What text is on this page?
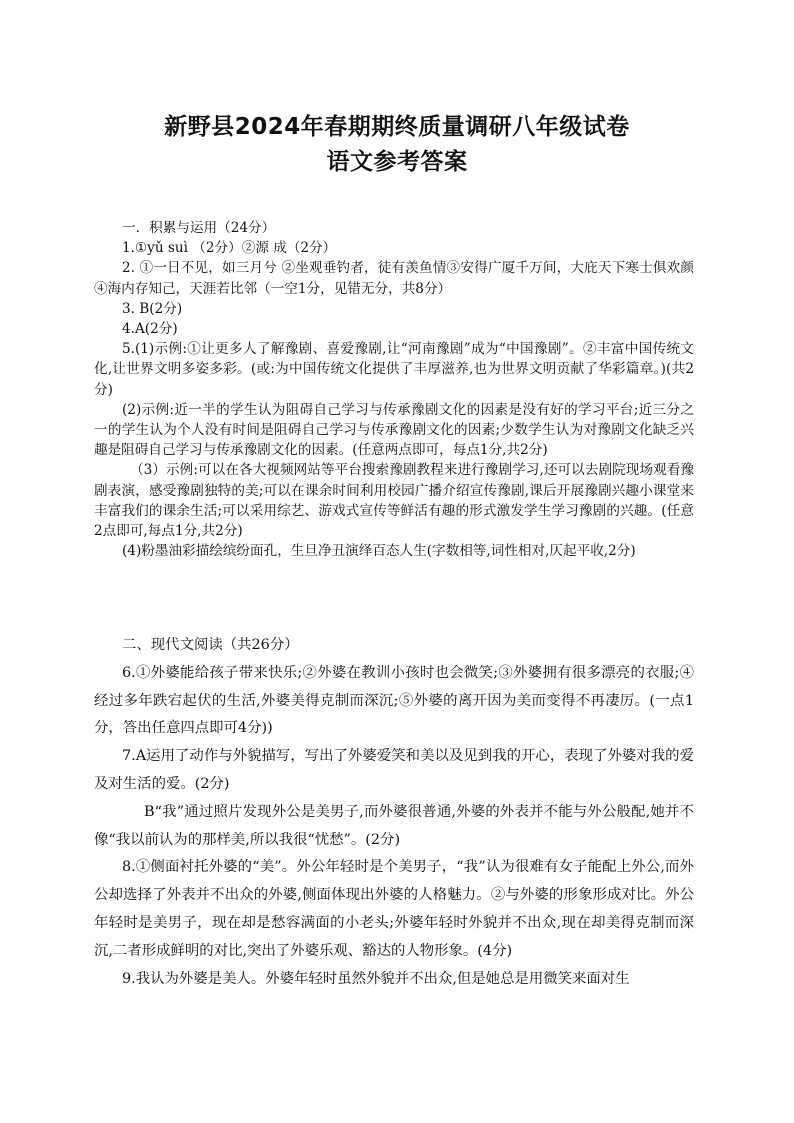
新野县2024年春期期终质量调研八年级试卷
语文参考答案

一．积累与运用（24分）

1.①yǔ suì （2分）②源 成（2分）

2. ①一日不见，如三月兮 ②坐观垂钓者，徒有羡鱼情③安得广厦千万间，大庇天下寒士俱欢颜④海内存知己，天涯若比邻（一空1分，见错无分，共8分）

3. B(2分)

4.A(2分)

5.(1)示例:①让更多人了解豫剧、喜爱豫剧,让“河南豫剧”成为“中国豫剧”。②丰富中国传统文化,让世界文明多姿多彩。(或:为中国传统文化提供了丰厚滋养,也为世界文明贡献了华彩篇章。)(共2分)

(2)示例:近一半的学生认为阻碍自己学习与传承豫剧文化的因素是没有好的学习平台;近三分之一的学生认为个人没有时间是阻碍自己学习与传承豫剧文化的因素;少数学生认为对豫剧文化缺乏兴趣是阻碍自己学习与传承豫剧文化的因素。(任意两点即可，每点1分,共2分)

（3）示例:可以在各大视频网站等平台搜索豫剧教程来进行豫剧学习,还可以去剧院现场观看豫剧表演，感受豫剧独特的美;可以在课余时间利用校园广播介绍宣传豫剧,课后开展豫剧兴趣小课堂来丰富我们的课余生活;可以采用综艺、游戏式宣传等鲜活有趣的形式激发学生学习豫剧的兴趣。(任意2点即可,每点1分,共2分)

(4)粉墨油彩描绘缤纷面孔，生旦净丑演绎百态人生(字数相等,词性相对,仄起平收,2分)

二、现代文阅读（共26分）

6.①外婆能给孩子带来快乐;②外婆在教训小孩时也会微笑;③外婆拥有很多漂亮的衣服;④经过多年跌宕起伏的生活,外婆美得克制而深沉;⑤外婆的离开因为美而变得不再凄厉。(一点1分，答出任意四点即可4分))

7.A运用了动作与外貌描写，写出了外婆爱笑和美以及见到我的开心，表现了外婆对我的爱及对生活的爱。(2分)

B“我”通过照片发现外公是美男子,而外婆很普通,外婆的外表并不能与外公般配,她并不像“我以前认为的那样美,所以我很“忧愁”。(2分)

8.①侧面衬托外婆的“美”。外公年轻时是个美男子，“我”认为很难有女子能配上外公,而外公却选择了外表并不出众的外婆,侧面体现出外婆的人格魅力。②与外婆的形象形成对比。外公年轻时是美男子，现在却是愁容满面的小老头;外婆年轻时外貌并不出众,现在却美得克制而深沉,二者形成鲜明的对比,突出了外婆乐观、豁达的人物形象。(4分)

9.我认为外婆是美人。外婆年轻时虽然外貌并不出众,但是她总是用微笑来面对生
